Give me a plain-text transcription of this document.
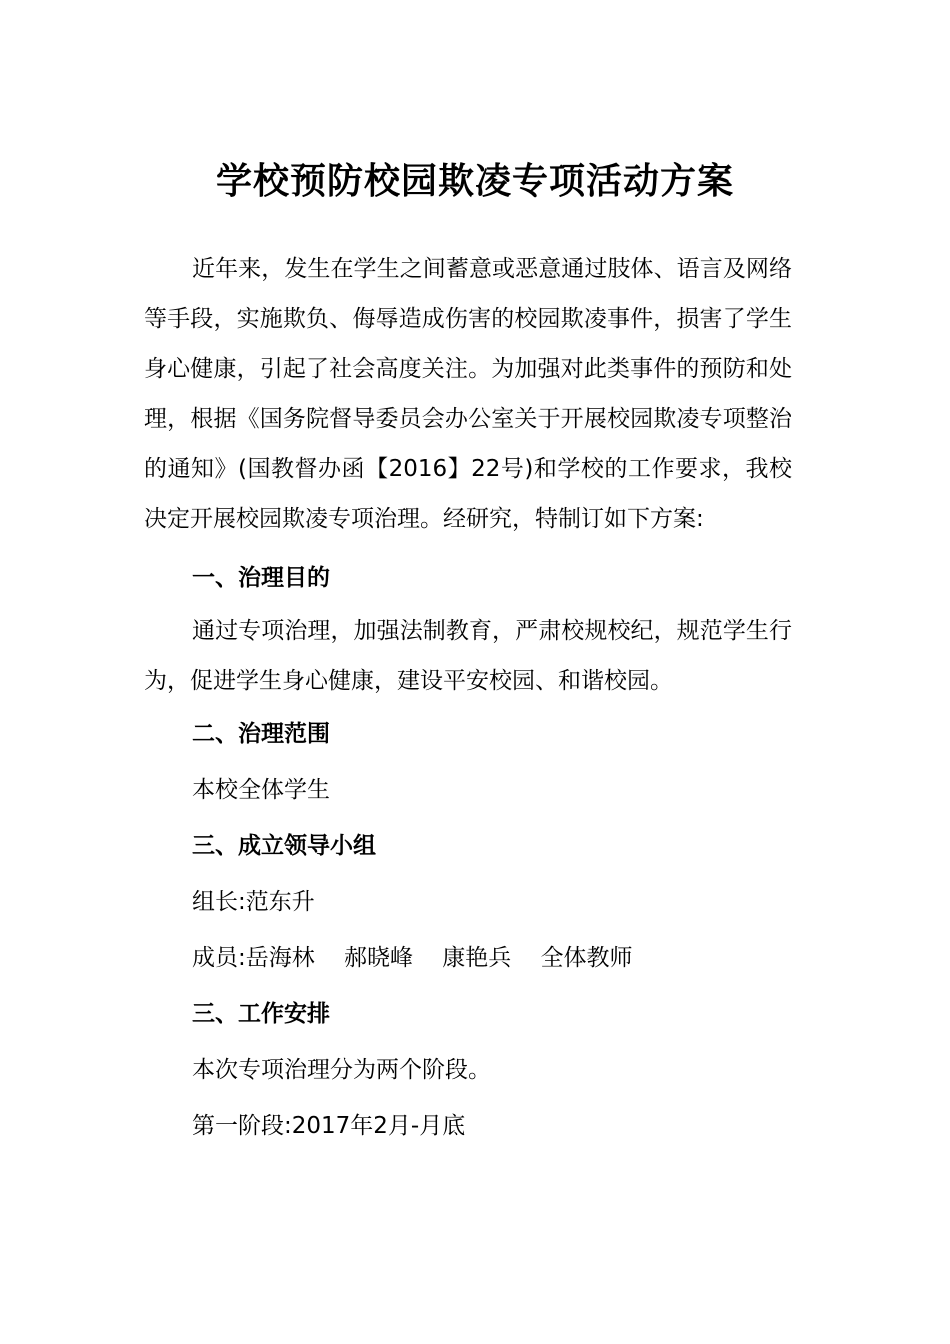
学校预防校园欺凌专项活动方案

近年来，发生在学生之间蓄意或恶意通过肢体、语言及网络等手段，实施欺负、侮辱造成伤害的校园欺凌事件，损害了学生身心健康，引起了社会高度关注。为加强对此类事件的预防和处理，根据《国务院督导委员会办公室关于开展校园欺凌专项整治的通知》(国教督办函【2016】22号)和学校的工作要求，我校决定开展校园欺凌专项治理。经研究，特制订如下方案:

一、治理目的

通过专项治理，加强法制教育，严肃校规校纪，规范学生行为，促进学生身心健康，建设平安校园、和谐校园。

二、治理范围

本校全体学生

三、成立领导小组

组长:范东升

成员:岳海林    郝晓峰    康艳兵    全体教师

三、工作安排

本次专项治理分为两个阶段。

第一阶段:2017年2月-月底
